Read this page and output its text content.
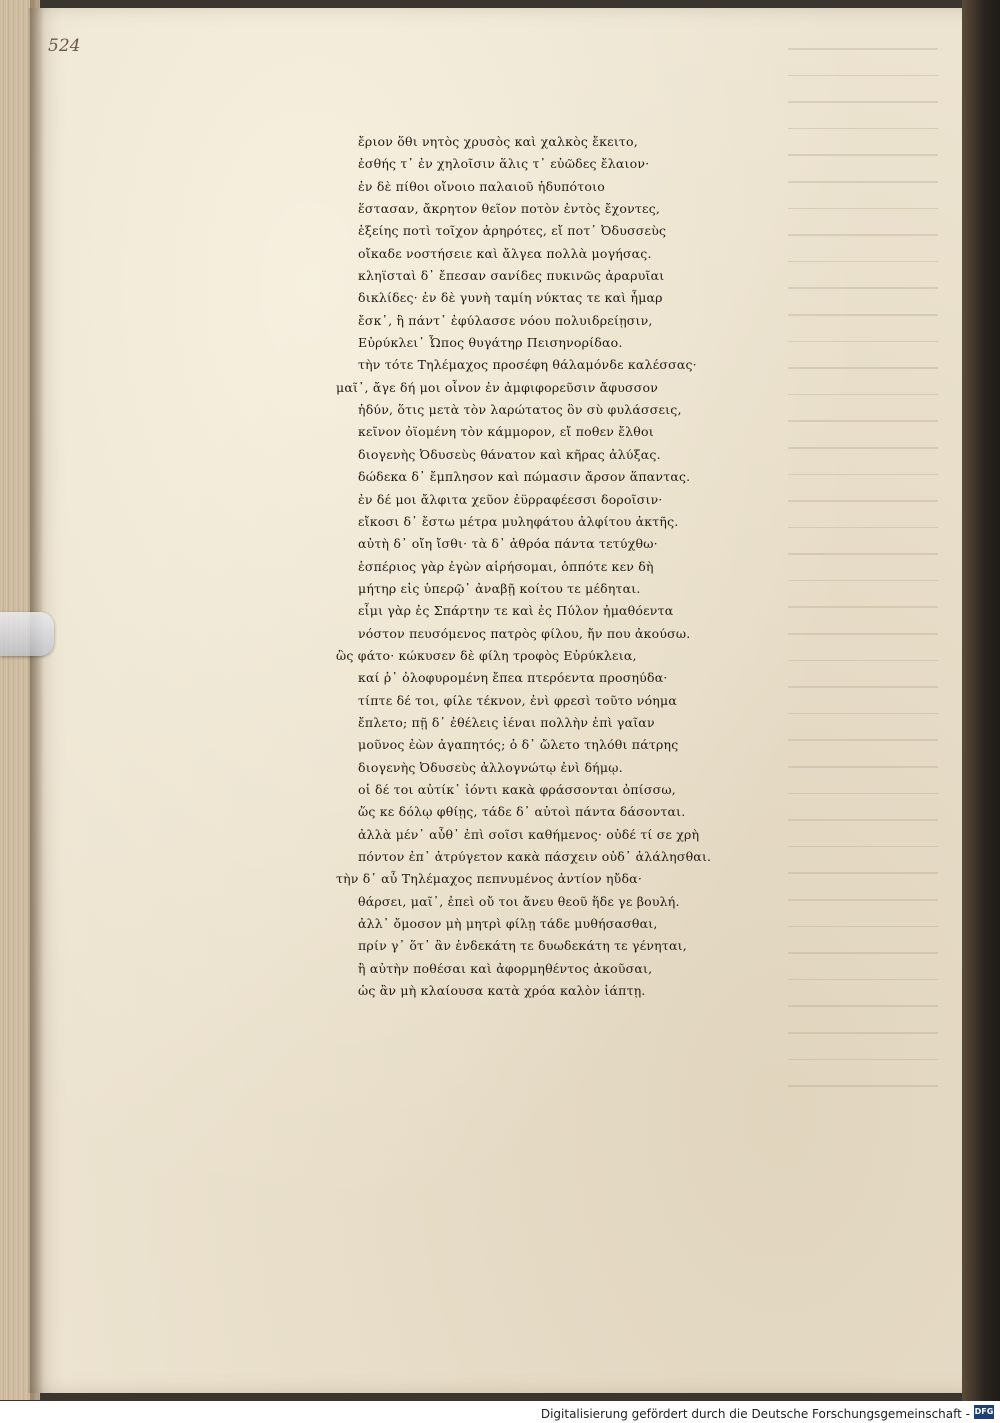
524
ἔριον ὅθι νητὸς χρυσὸς καὶ χαλκὸς ἔκειτο,
ἐσθής τ᾽ ἐν χηλοῖσιν ἅλις τ᾽ εὐῶδες ἔλαιον·
ἐν δὲ πίθοι οἴνοιο παλαιοῦ ἡδυπότοιο
ἕστασαν, ἄκρητον θεῖον ποτὸν ἐντὸς ἔχοντες,
ἑξείης ποτὶ τοῖχον ἀρηρότες, εἴ ποτ᾽ Ὀδυσσεὺς
οἴκαδε νοστήσειε καὶ ἄλγεα πολλὰ μογήσας.
κληϊσταὶ δ᾽ ἔπεσαν σανίδες πυκινῶς ἀραρυῖαι
δικλίδες· ἐν δὲ γυνὴ ταμίη νύκτας τε καὶ ἦμαρ
ἔσκ᾽, ἣ πάντ᾽ ἐφύλασσε νόου πολυιδρείῃσιν,
Εὐρύκλει᾽ Ὦπος θυγάτηρ Πεισηνορίδαο.
τὴν τότε Τηλέμαχος προσέφη θάλαμόνδε καλέσσας·
μαῖ᾽, ἄγε δή μοι οἶνον ἐν ἀμφιφορεῦσιν ἄφυσσον
ἡδύν, ὅτις μετὰ τὸν λαρώτατος ὃν σὺ φυλάσσεις,
κεῖνον ὀϊομένη τὸν κάμμορον, εἴ ποθεν ἔλθοι
διογενὴς Ὀδυσεὺς θάνατον καὶ κῆρας ἀλύξας.
δώδεκα δ᾽ ἔμπλησον καὶ πώμασιν ἄρσον ἅπαντας.
ἐν δέ μοι ἄλφιτα χεῦον ἐϋρραφέεσσι δοροῖσιν·
εἴκοσι δ᾽ ἔστω μέτρα μυληφάτου ἀλφίτου ἀκτῆς.
αὐτὴ δ᾽ οἴη ἴσθι· τὰ δ᾽ ἀθρόα πάντα τετύχθω·
ἑσπέριος γὰρ ἐγὼν αἱρήσομαι, ὁππότε κεν δὴ
μήτηρ εἰς ὑπερῷ᾽ ἀναβῇ κοίτου τε μέδηται.
εἶμι γὰρ ἐς Σπάρτην τε καὶ ἐς Πύλον ἠμαθόεντα
νόστον πευσόμενος πατρὸς φίλου, ἤν που ἀκούσω.
ὣς φάτο· κώκυσεν δὲ φίλη τροφὸς Εὐρύκλεια,
καί ῥ᾽ ὀλοφυρομένη ἔπεα πτερόεντα προσηύδα·
τίπτε δέ τοι, φίλε τέκνον, ἐνὶ φρεσὶ τοῦτο νόημα
ἔπλετο; πῇ δ᾽ ἐθέλεις ἰέναι πολλὴν ἐπὶ γαῖαν
μοῦνος ἐὼν ἀγαπητός; ὁ δ᾽ ὤλετο τηλόθι πάτρης
διογενὴς Ὀδυσεὺς ἀλλογνώτῳ ἐνὶ δήμῳ.
οἱ δέ τοι αὐτίκ᾽ ἰόντι κακὰ φράσσονται ὀπίσσω,
ὥς κε δόλῳ φθίῃς, τάδε δ᾽ αὐτοὶ πάντα δάσονται.
ἀλλὰ μέν᾽ αὖθ᾽ ἐπὶ σοῖσι καθήμενος· οὐδέ τί σε χρὴ
πόντον ἐπ᾽ ἀτρύγετον κακὰ πάσχειν οὐδ᾽ ἀλάλησθαι.
τὴν δ᾽ αὖ Τηλέμαχος πεπνυμένος ἀντίον ηὔδα·
θάρσει, μαῖ᾽, ἐπεὶ οὔ τοι ἄνευ θεοῦ ἥδε γε βουλή.
ἀλλ᾽ ὄμοσον μὴ μητρὶ φίλῃ τάδε μυθήσασθαι,
πρίν γ᾽ ὅτ᾽ ἂν ἑνδεκάτη τε δυωδεκάτη τε γένηται,
ἢ αὐτὴν ποθέσαι καὶ ἀφορμηθέντος ἀκοῦσαι,
ὡς ἂν μὴ κλαίουσα κατὰ χρόα καλὸν ἰάπτῃ.
Digitalisierung gefördert durch die Deutsche Forschungsgemeinschaft - DFG
